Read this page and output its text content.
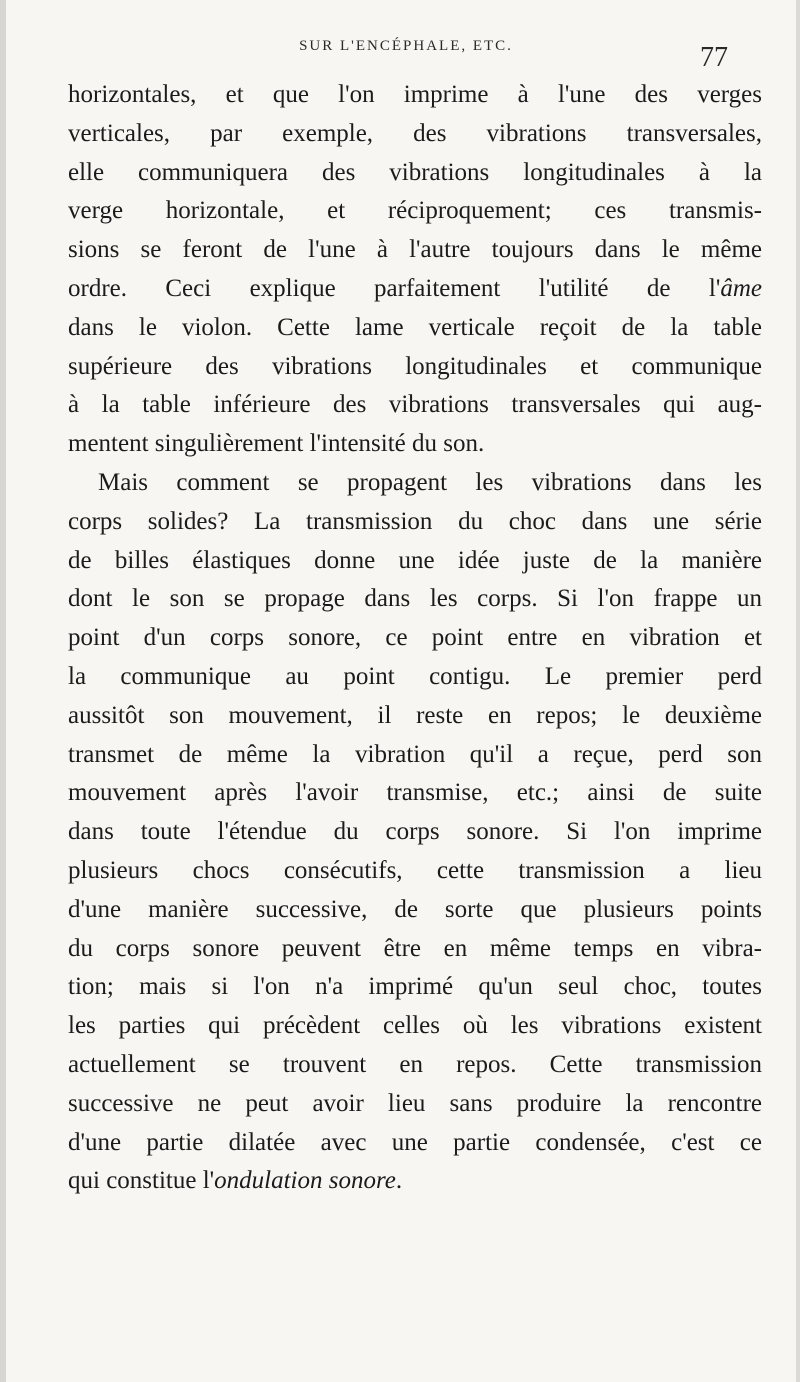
SUR L'ENCÉPHALE, ETC.	77
horizontales, et que l'on imprime à l'une des verges
verticales, par exemple, des vibrations transversales,
elle communiquera des vibrations longitudinales à la
verge horizontale, et réciproquement; ces transmis-
sions se feront de l'une à l'autre toujours dans le même
ordre. Ceci explique parfaitement l'utilité de l'âme
dans le violon. Cette lame verticale reçoit de la table
supérieure des vibrations longitudinales et communique
à la table inférieure des vibrations transversales qui aug-
mentent singulièrement l'intensité du son.
Mais comment se propagent les vibrations dans les
corps solides? La transmission du choc dans une série
de billes élastiques donne une idée juste de la manière
dont le son se propage dans les corps. Si l'on frappe un
point d'un corps sonore, ce point entre en vibration et
la communique au point contigu. Le premier perd
aussitôt son mouvement, il reste en repos; le deuxième
transmet de même la vibration qu'il a reçue, perd son
mouvement après l'avoir transmise, etc.; ainsi de suite
dans toute l'étendue du corps sonore. Si l'on imprime
plusieurs chocs consécutifs, cette transmission a lieu
d'une manière successive, de sorte que plusieurs points
du corps sonore peuvent être en même temps en vibra-
tion; mais si l'on n'a imprimé qu'un seul choc, toutes
les parties qui précèdent celles où les vibrations existent
actuellement se trouvent en repos. Cette transmission
successive ne peut avoir lieu sans produire la rencontre
d'une partie dilatée avec une partie condensée, c'est ce
qui constitue l'ondulation sonore.
